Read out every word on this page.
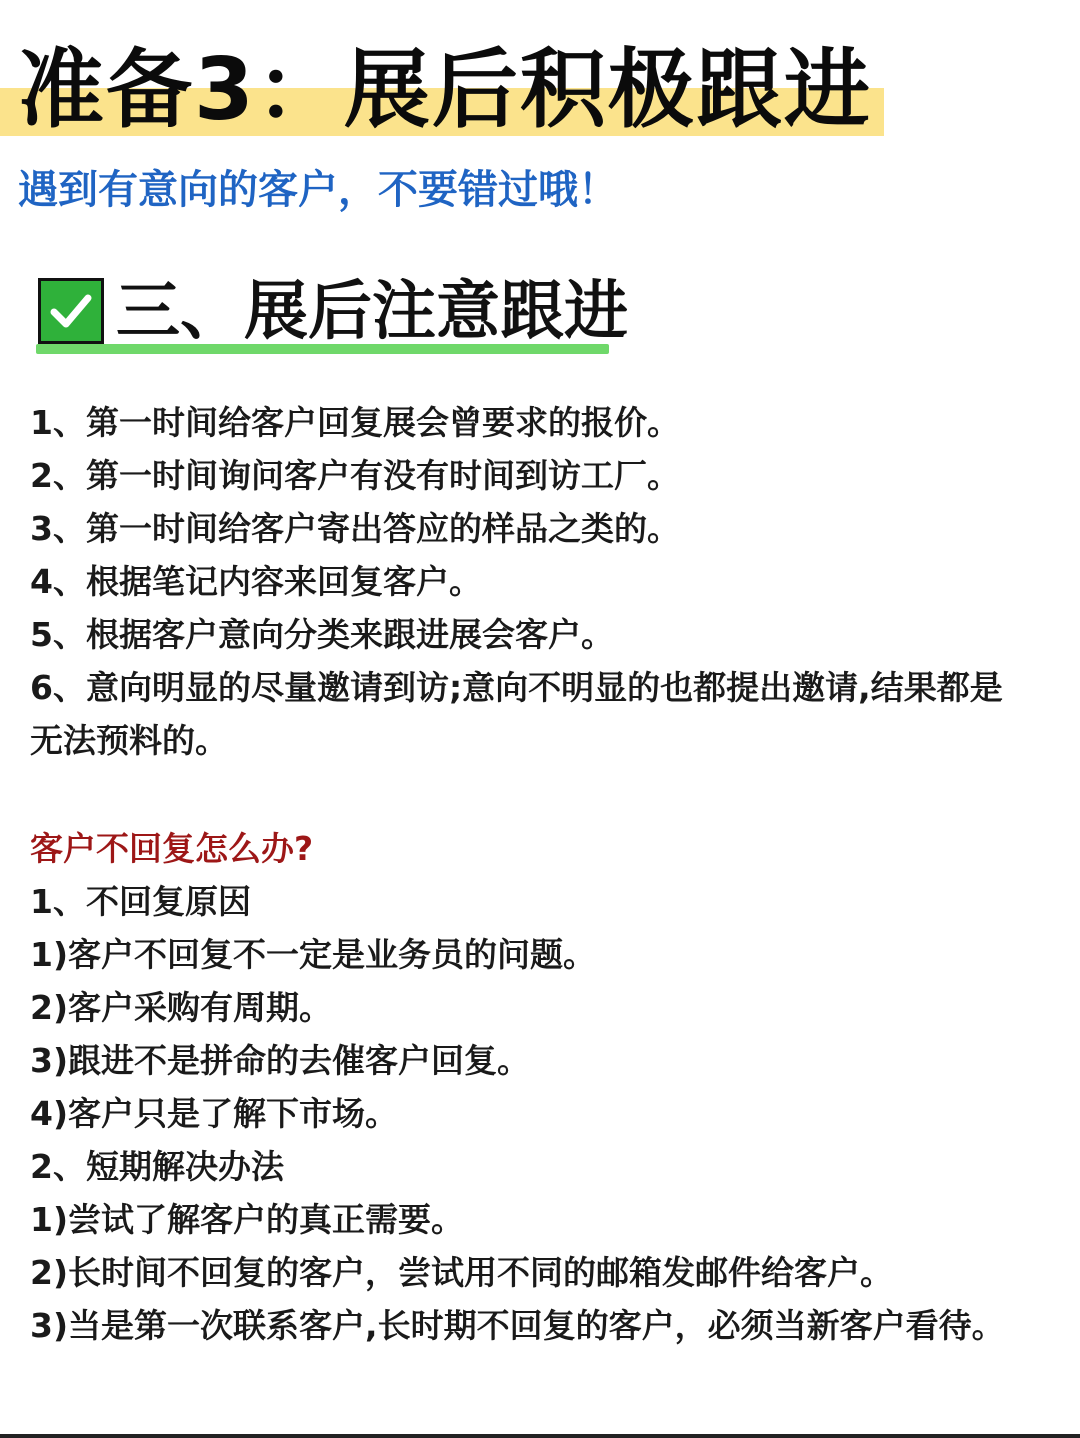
准备3：展后积极跟进
遇到有意向的客户，不要错过哦！
三、展后注意跟进

1、第一时间给客户回复展会曾要求的报价。

2、第一时间询问客户有没有时间到访工厂。

3、第一时间给客户寄出答应的样品之类的。

4、根据笔记内容来回复客户。

5、根据客户意向分类来跟进展会客户。

6、意向明显的尽量邀请到访;意向不明显的也都提出邀请,结果都是无法预料的。

客户不回复怎么办?

1、不回复原因

1)客户不回复不一定是业务员的问题。

2)客户采购有周期。

3)跟进不是拼命的去催客户回复。

4)客户只是了解下市场。

2、短期解决办法

1)尝试了解客户的真正需要。

2)长时间不回复的客户，尝试用不同的邮箱发邮件给客户。

3)当是第一次联系客户,长时期不回复的客户，必须当新客户看待。
